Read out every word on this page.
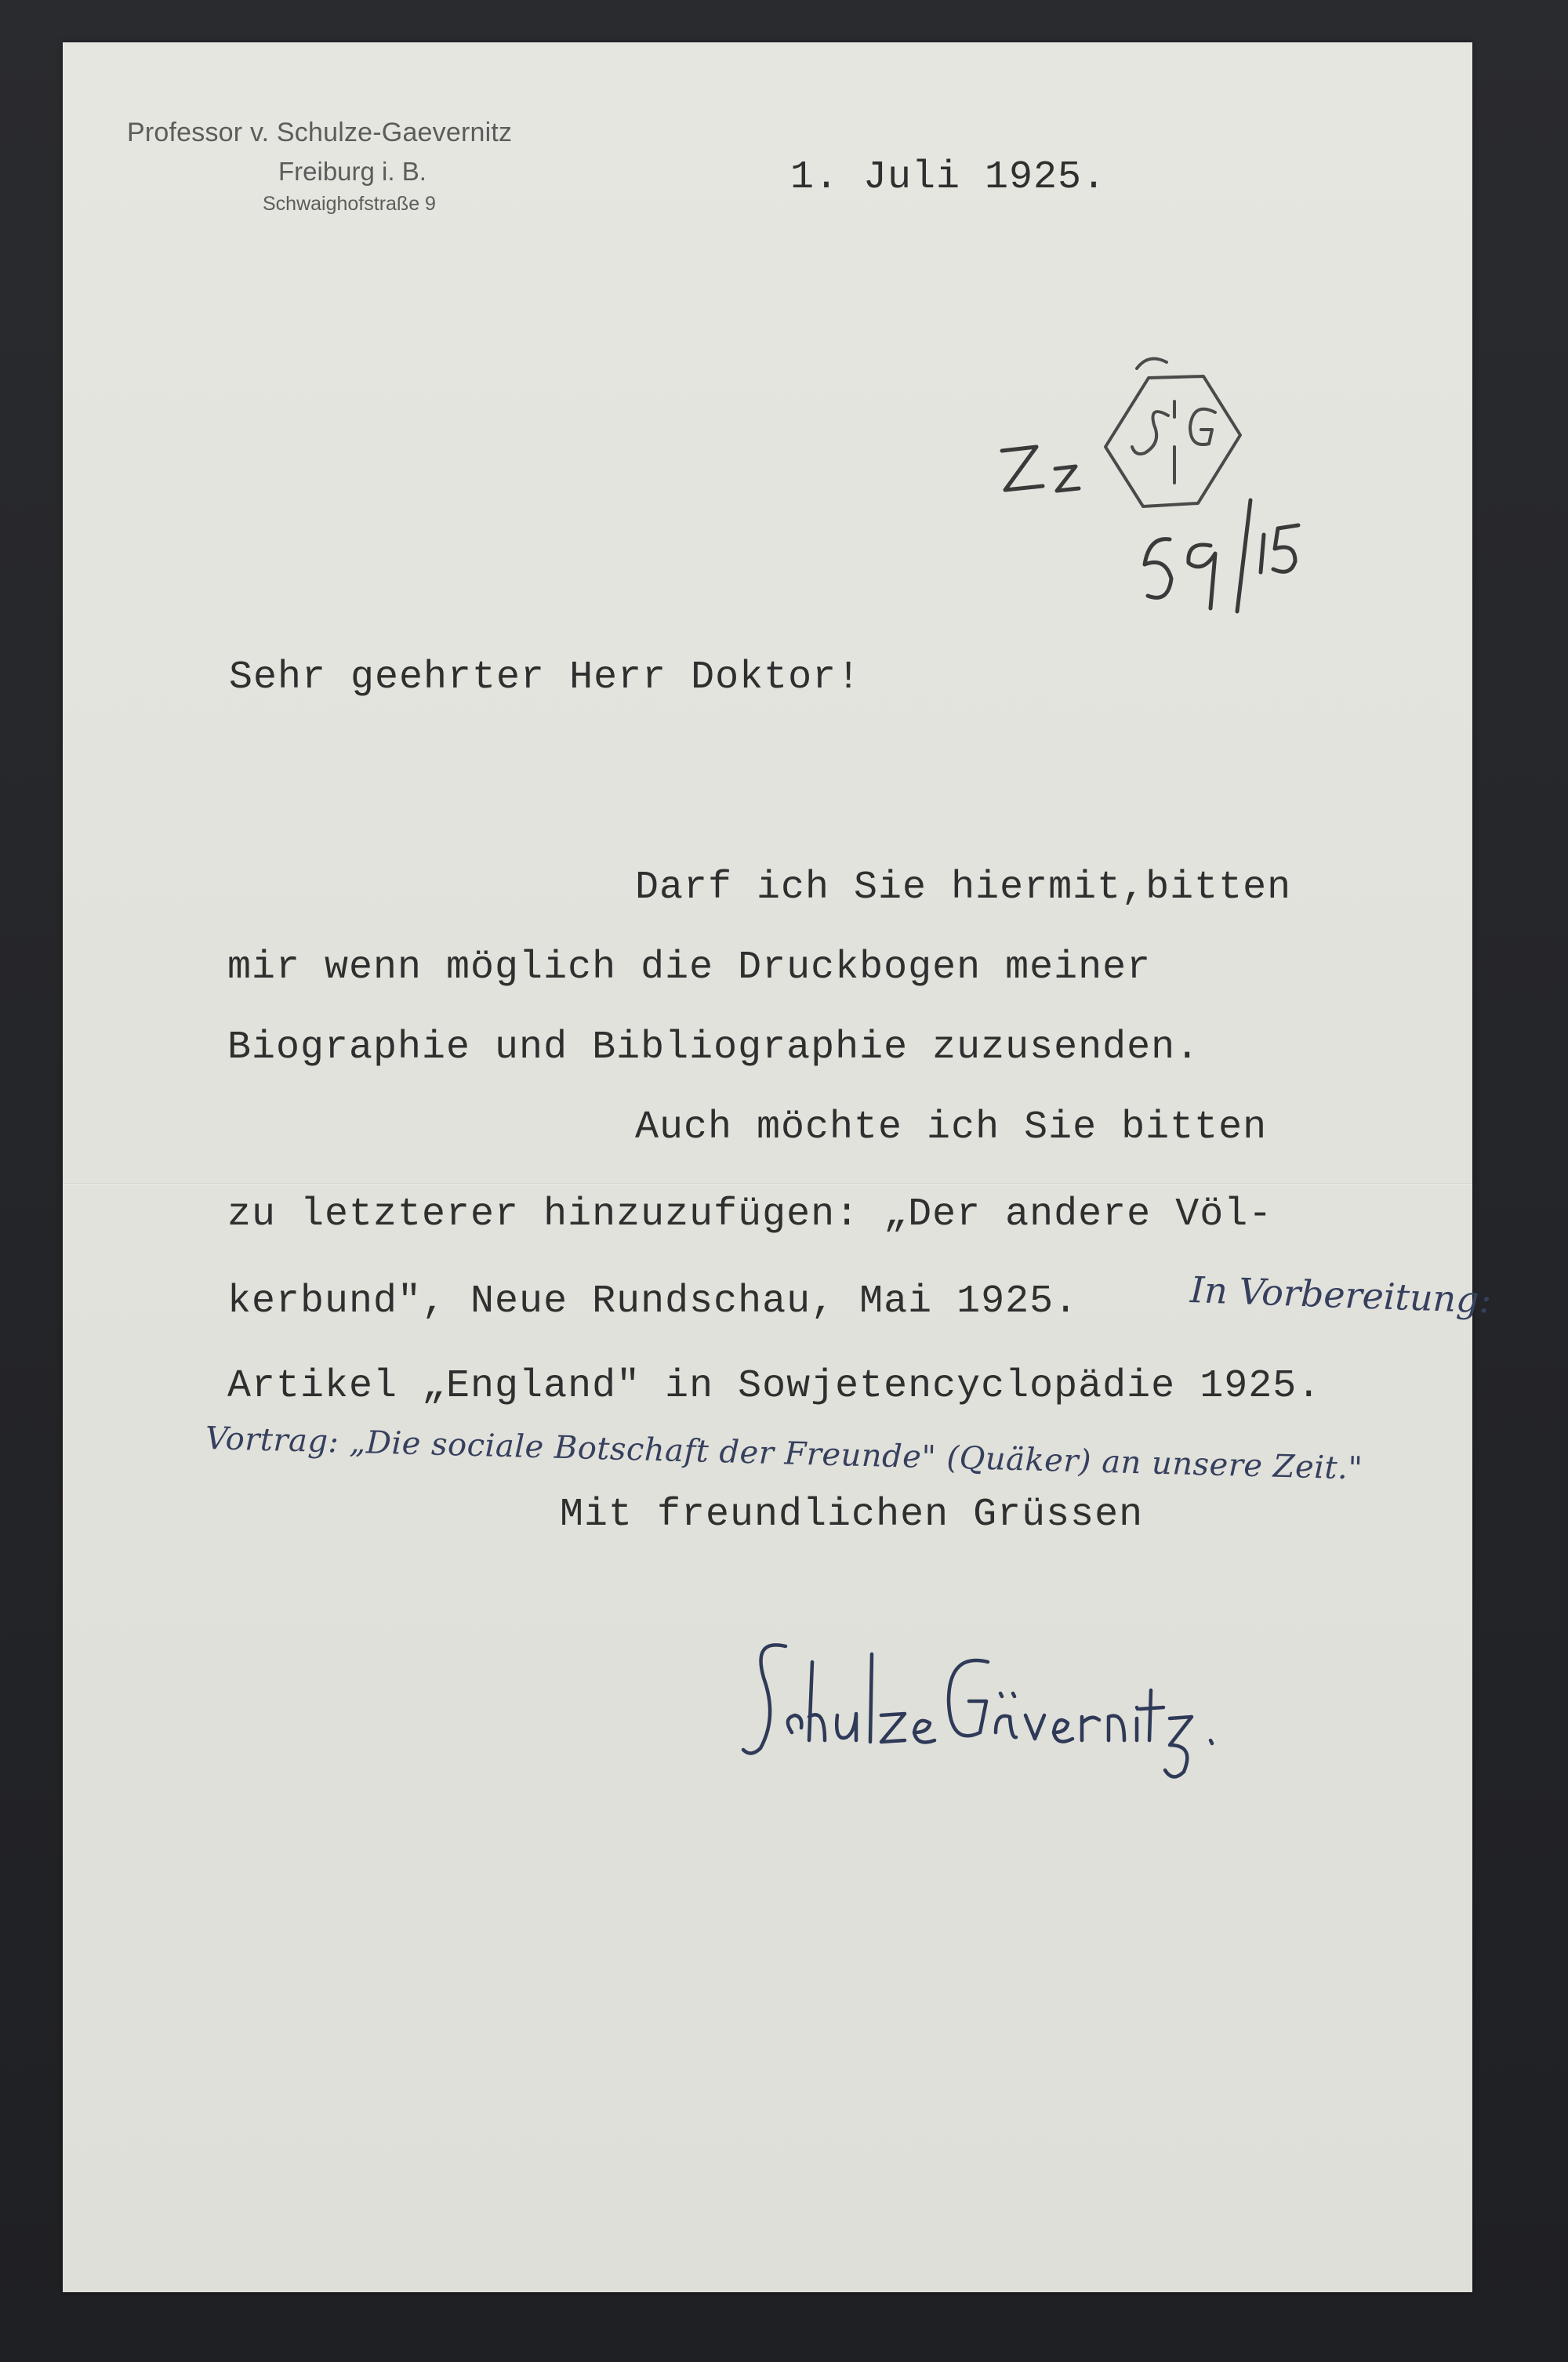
Professor v. Schulze-Gaevernitz
Freiburg i. B.
Schwaighofstraße 9
1. Juli 1925.
Sehr geehrter Herr Doktor!
Darf ich Sie hiermit,bitten
mir wenn möglich die Druckbogen meiner
Biographie und Bibliographie zuzusenden.
Auch möchte ich Sie bitten
zu letzterer hinzuzufügen: „Der andere Völ-
kerbund", Neue Rundschau, Mai 1925.	In Vorbereitung:
Artikel „England" in Sowjetencyclopädie 1925.
Vortrag: „Die sociale Botschaft der Freunde" (Quäker) an unsere Zeit."
Mit freundlichen Grüssen
